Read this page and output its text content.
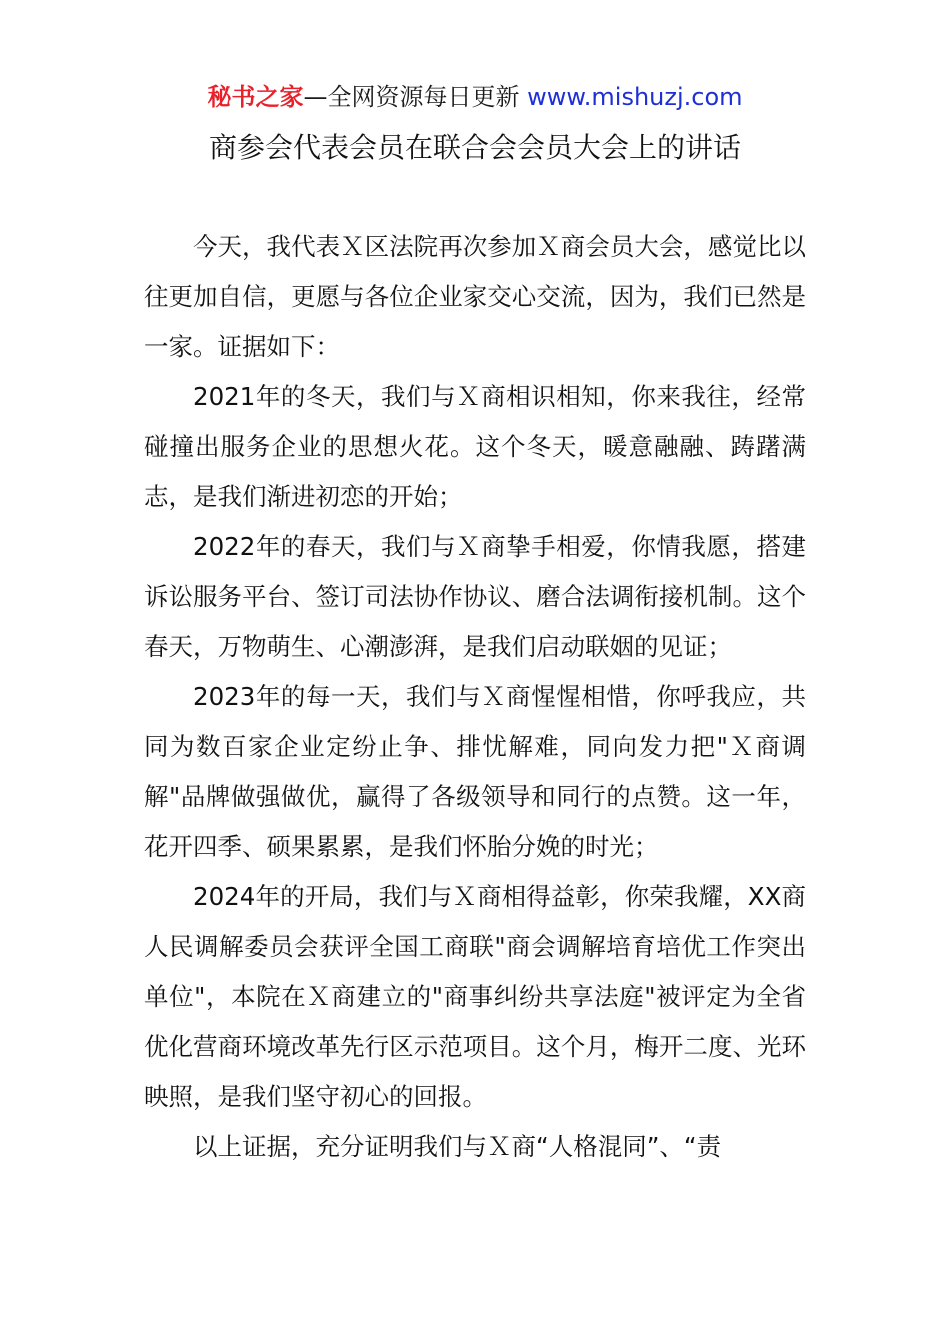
秘书之家—全网资源每日更新 www.mishuzj.com
商参会代表会员在联合会会员大会上的讲话

今天，我代表Ｘ区法院再次参加Ｘ商会员大会，感觉比以往更加自信，更愿与各位企业家交心交流，因为，我们已然是一家。证据如下：

2021年的冬天，我们与Ｘ商相识相知，你来我往，经常碰撞出服务企业的思想火花。这个冬天，暖意融融、踌躇满志，是我们渐进初恋的开始；

2022年的春天，我们与Ｘ商挚手相爱，你情我愿，搭建诉讼服务平台、签订司法协作协议、磨合法调衔接机制。这个春天，万物萌生、心潮澎湃，是我们启动联姻的见证；

2023年的每一天，我们与Ｘ商惺惺相惜，你呼我应，共同为数百家企业定纷止争、排忧解难，同向发力把"Ｘ商调解"品牌做强做优，赢得了各级领导和同行的点赞。这一年，花开四季、硕果累累，是我们怀胎分娩的时光；

2024年的开局，我们与Ｘ商相得益彰，你荣我耀，XX商人民调解委员会获评全国工商联"商会调解培育培优工作突出单位"，本院在Ｘ商建立的"商事纠纷共享法庭"被评定为全省优化营商环境改革先行区示范项目。这个月，梅开二度、光环映照，是我们坚守初心的回报。

以上证据，充分证明我们与Ｘ商“人格混同”、“责
